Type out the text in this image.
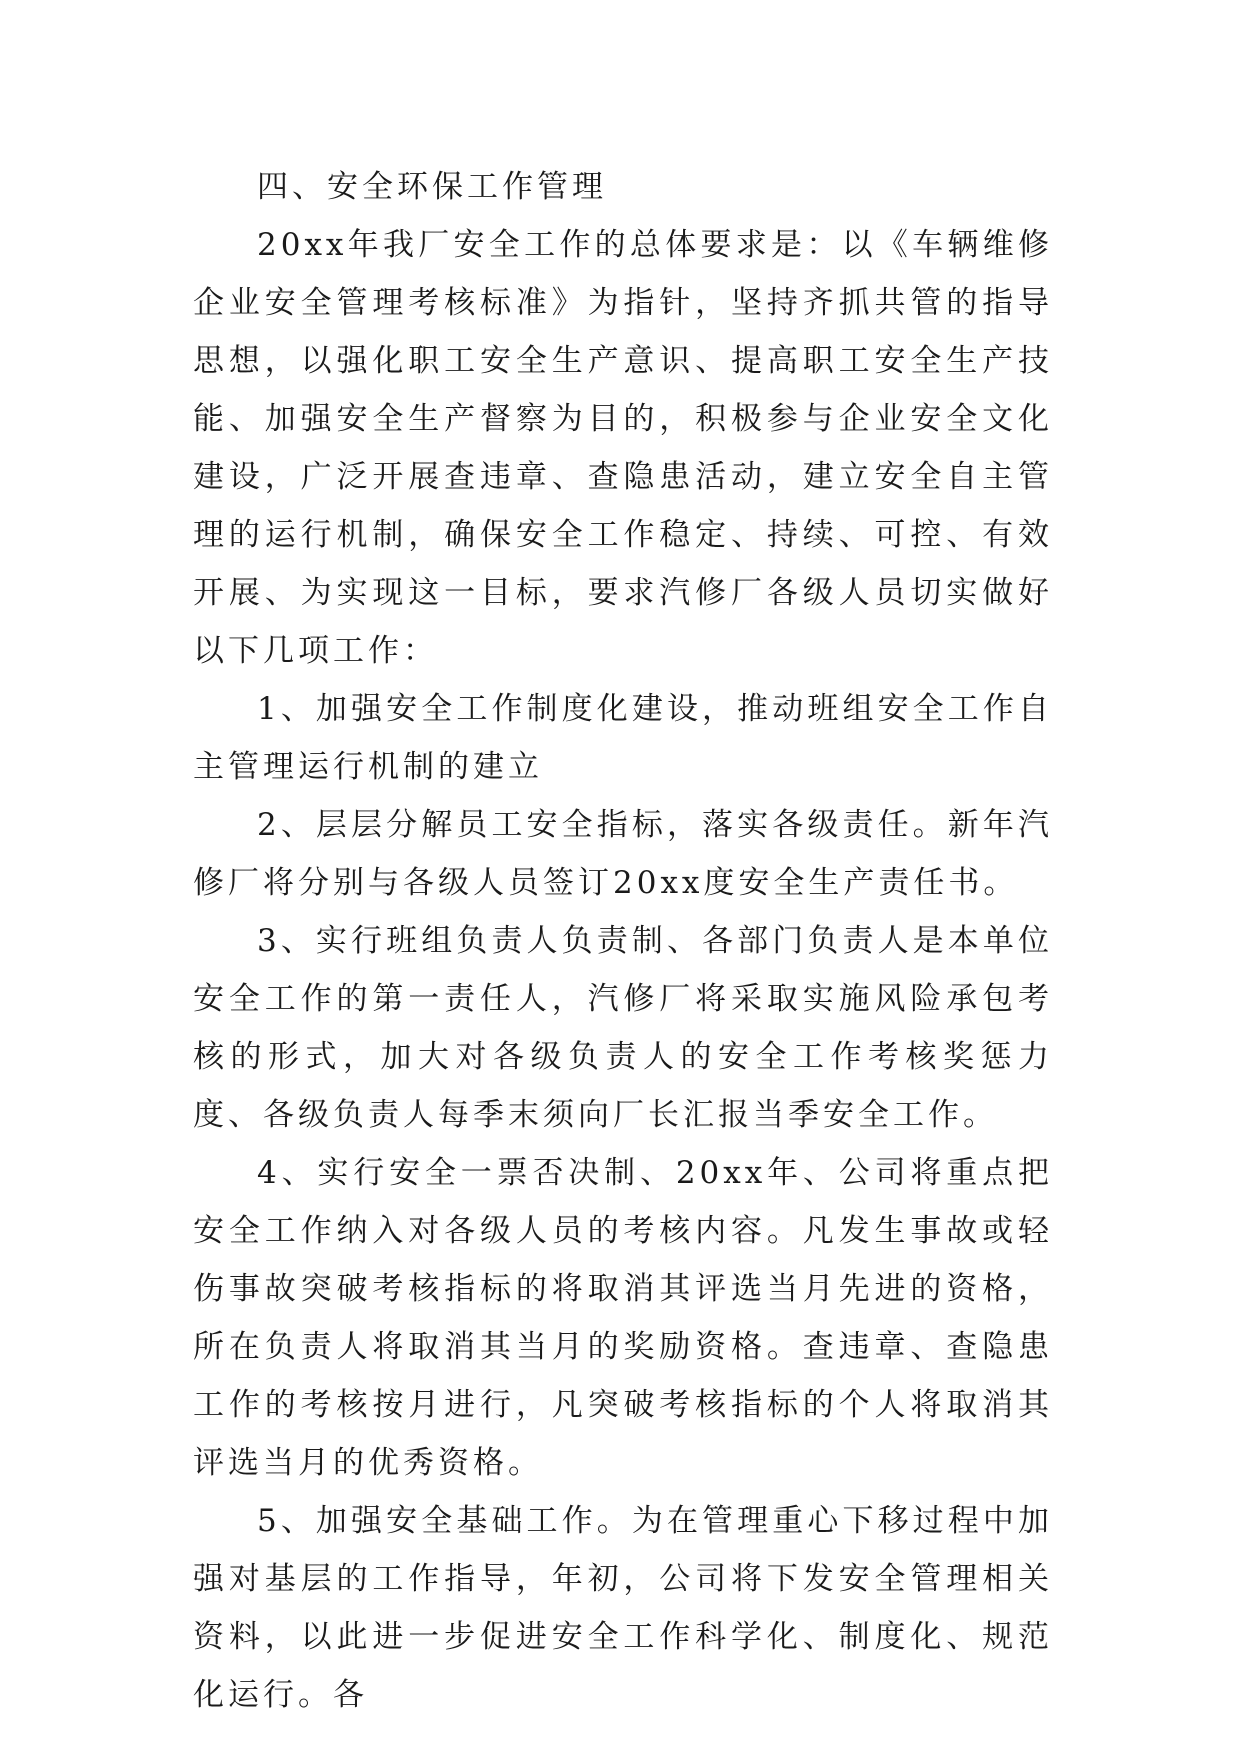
四、安全环保工作管理

20xx年我厂安全工作的总体要求是：以《车辆维修企业安全管理考核标准》为指针，坚持齐抓共管的指导思想，以强化职工安全生产意识、提高职工安全生产技能、加强安全生产督察为目的，积极参与企业安全文化建设，广泛开展查违章、查隐患活动，建立安全自主管理的运行机制，确保安全工作稳定、持续、可控、有效开展、为实现这一目标，要求汽修厂各级人员切实做好以下几项工作：

1、加强安全工作制度化建设，推动班组安全工作自主管理运行机制的建立

2、层层分解员工安全指标，落实各级责任。新年汽修厂将分别与各级人员签订20xx度安全生产责任书。

3、实行班组负责人负责制、各部门负责人是本单位安全工作的第一责任人，汽修厂将采取实施风险承包考核的形式，加大对各级负责人的安全工作考核奖惩力度、各级负责人每季末须向厂长汇报当季安全工作。

4、实行安全一票否决制、20xx年、公司将重点把安全工作纳入对各级人员的考核内容。凡发生事故或轻伤事故突破考核指标的将取消其评选当月先进的资格，所在负责人将取消其当月的奖励资格。查违章、查隐患工作的考核按月进行，凡突破考核指标的个人将取消其评选当月的优秀资格。

5、加强安全基础工作。为在管理重心下移过程中加强对基层的工作指导，年初，公司将下发安全管理相关资料，以此进一步促进安全工作科学化、制度化、规范化运行。各
